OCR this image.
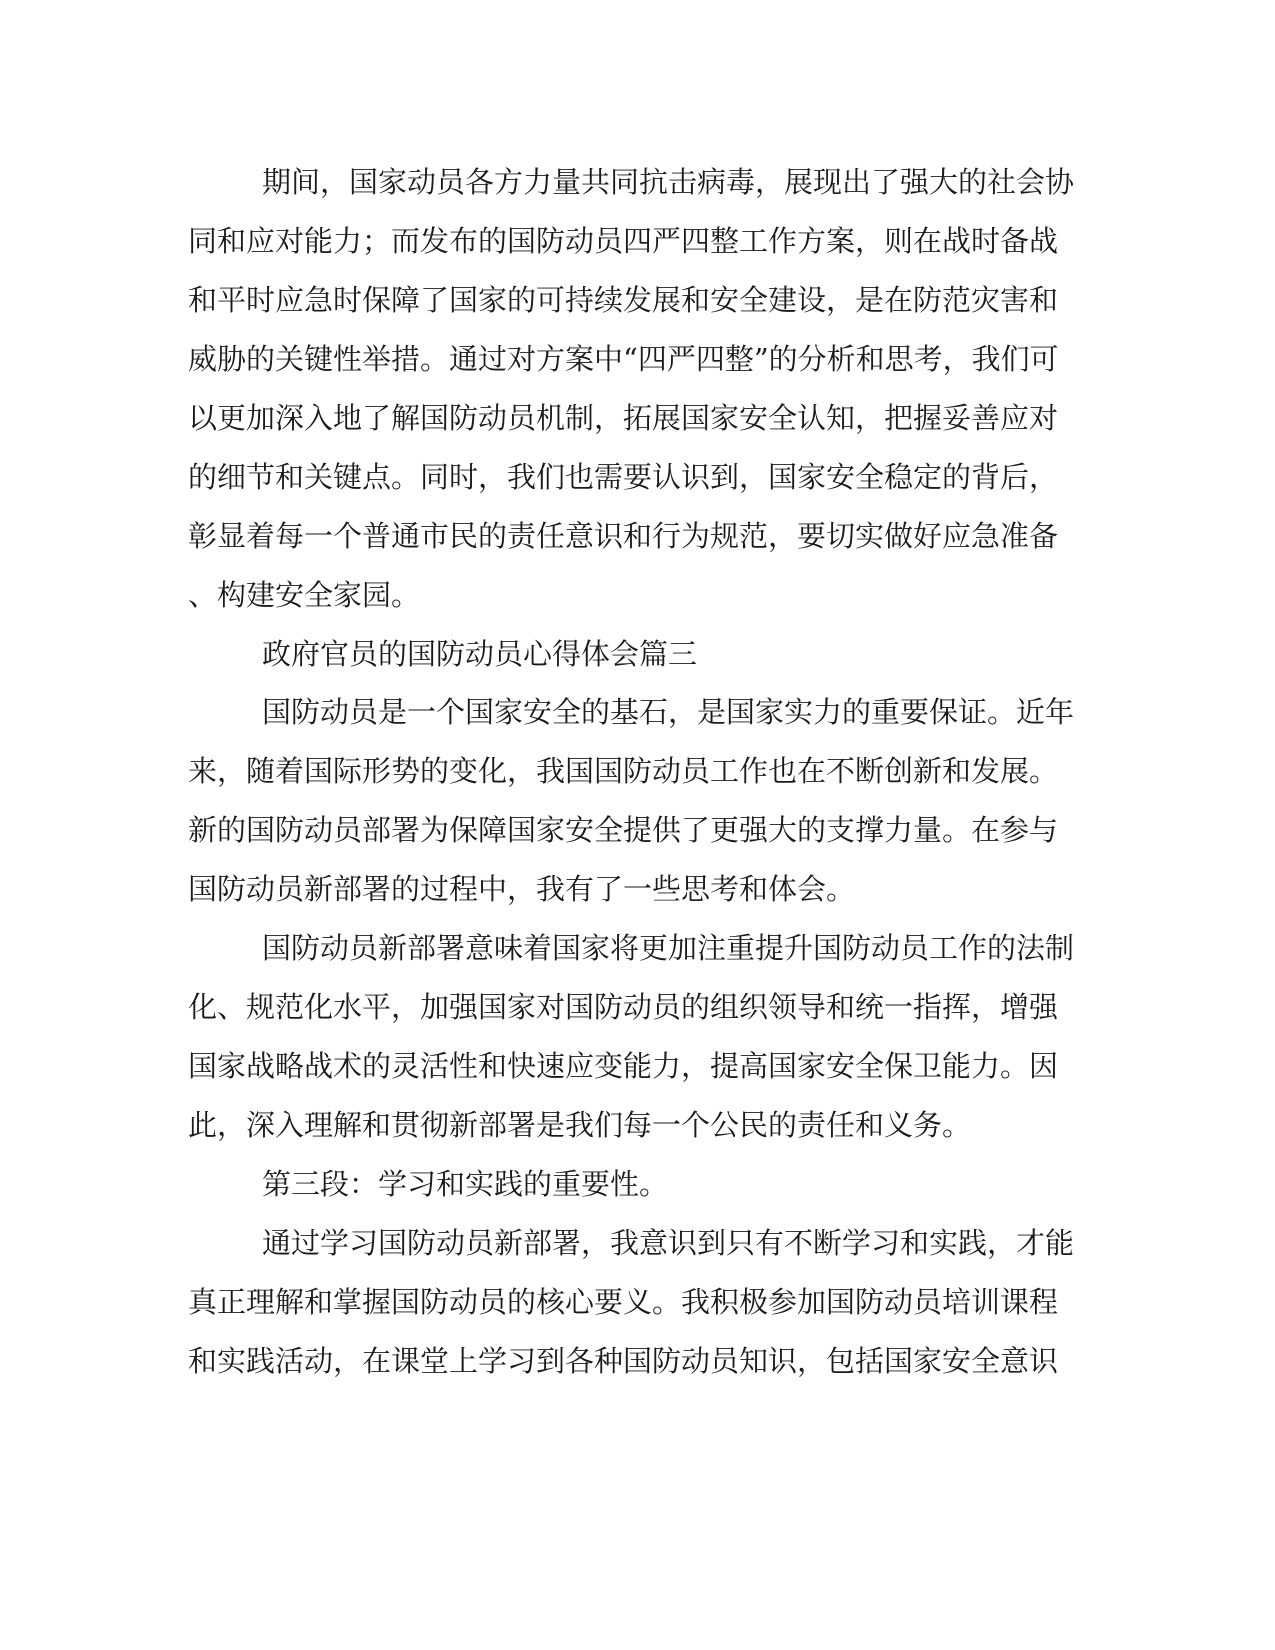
期间，国家动员各方力量共同抗击病毒，展现出了强大的社会协
同和应对能力；而发布的国防动员四严四整工作方案，则在战时备战
和平时应急时保障了国家的可持续发展和安全建设，是在防范灾害和
威胁的关键性举措。通过对方案中“四严四整”的分析和思考，我们可
以更加深入地了解国防动员机制，拓展国家安全认知，把握妥善应对
的细节和关键点。同时，我们也需要认识到，国家安全稳定的背后，
彰显着每一个普通市民的责任意识和行为规范，要切实做好应急准备
、构建安全家园。
政府官员的国防动员心得体会篇三
国防动员是一个国家安全的基石，是国家实力的重要保证。近年
来，随着国际形势的变化，我国国防动员工作也在不断创新和发展。
新的国防动员部署为保障国家安全提供了更强大的支撑力量。在参与
国防动员新部署的过程中，我有了一些思考和体会。
国防动员新部署意味着国家将更加注重提升国防动员工作的法制
化、规范化水平，加强国家对国防动员的组织领导和统一指挥，增强
国家战略战术的灵活性和快速应变能力，提高国家安全保卫能力。因
此，深入理解和贯彻新部署是我们每一个公民的责任和义务。
第三段：学习和实践的重要性。
通过学习国防动员新部署，我意识到只有不断学习和实践，才能
真正理解和掌握国防动员的核心要义。我积极参加国防动员培训课程
和实践活动，在课堂上学习到各种国防动员知识，包括国家安全意识
